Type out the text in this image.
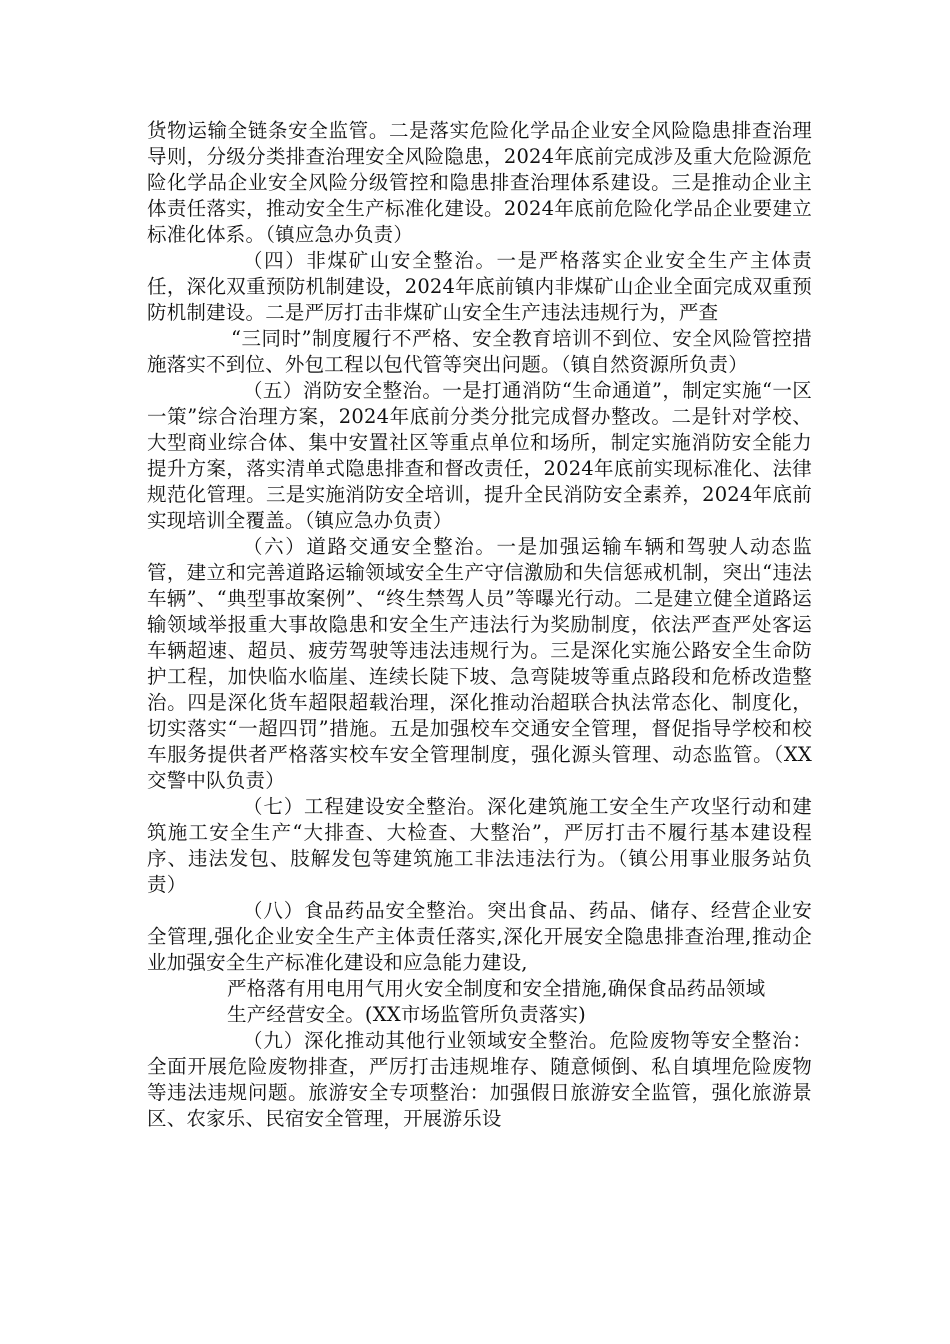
货物运输全链条安全监管。二是落实危险化学品企业安全风险隐患排查治理导则，分级分类排查治理安全风险隐患，2024年底前完成涉及重大危险源危险化学品企业安全风险分级管控和隐患排查治理体系建设。三是推动企业主体责任落实，推动安全生产标准化建设。2024年底前危险化学品企业要建立标准化体系。（镇应急办负责）

（四）非煤矿山安全整治。一是严格落实企业安全生产主体责任，深化双重预防机制建设，2024年底前镇内非煤矿山企业全面完成双重预防机制建设。二是严厉打击非煤矿山安全生产违法违规行为，严查

“三同时”制度履行不严格、安全教育培训不到位、安全风险管控措施落实不到位、外包工程以包代管等突出问题。（镇自然资源所负责）

（五）消防安全整治。一是打通消防“生命通道”，制定实施“一区一策”综合治理方案，2024年底前分类分批完成督办整改。二是针对学校、大型商业综合体、集中安置社区等重点单位和场所，制定实施消防安全能力提升方案，落实清单式隐患排查和督改责任，2024年底前实现标准化、法律规范化管理。三是实施消防安全培训，提升全民消防安全素养，2024年底前实现培训全覆盖。（镇应急办负责）

（六）道路交通安全整治。一是加强运输车辆和驾驶人动态监管，建立和完善道路运输领域安全生产守信激励和失信惩戒机制，突出“违法车辆”、“典型事故案例”、“终生禁驾人员”等曝光行动。二是建立健全道路运输领域举报重大事故隐患和安全生产违法行为奖励制度，依法严查严处客运车辆超速、超员、疲劳驾驶等违法违规行为。三是深化实施公路安全生命防护工程，加快临水临崖、连续长陡下坡、急弯陡坡等重点路段和危桥改造整治。四是深化货车超限超载治理，深化推动治超联合执法常态化、制度化，切实落实“一超四罚”措施。五是加强校车交通安全管理，督促指导学校和校车服务提供者严格落实校车安全管理制度，强化源头管理、动态监管。（XX交警中队负责）

（七）工程建设安全整治。深化建筑施工安全生产攻坚行动和建筑施工安全生产“大排查、大检查、大整治”，严厉打击不履行基本建设程序、违法发包、肢解发包等建筑施工非法违法行为。（镇公用事业服务站负责）

（八）食品药品安全整治。突出食品、药品、储存、经营企业安全管理,强化企业安全生产主体责任落实,深化开展安全隐患排查治理,推动企业加强安全生产标准化建设和应急能力建设,

严格落有用电用气用火安全制度和安全措施,确保食品药品领域

生产经营安全。(XX市场监管所负责落实)

（九）深化推动其他行业领域安全整治。危险废物等安全整治：全面开展危险废物排查，严厉打击违规堆存、随意倾倒、私自填埋危险废物等违法违规问题。旅游安全专项整治：加强假日旅游安全监管，强化旅游景区、农家乐、民宿安全管理，开展游乐设
